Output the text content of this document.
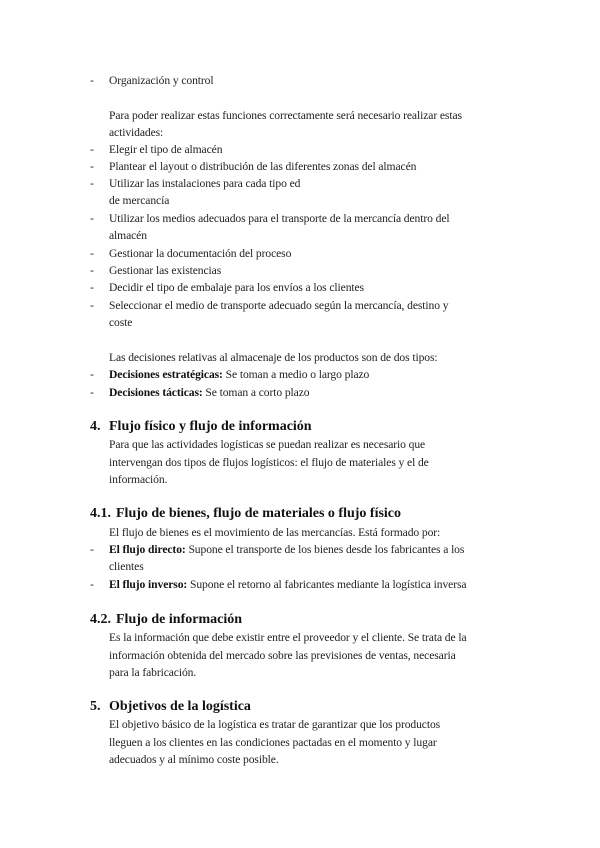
- Organización y control
Para poder realizar estas funciones correctamente será necesario realizar estas
actividades:
- Elegir el tipo de almacén
- Plantear el layout o distribución de las diferentes zonas del almacén
- Utilizar las instalaciones para cada tipo ed
de mercancía
- Utilizar los medios adecuados para el transporte de la mercancía dentro del
almacén
- Gestionar la documentación del proceso
- Gestionar las existencias
- Decidir el tipo de embalaje para los envíos a los clientes
- Seleccionar el medio de transporte adecuado según la mercancía, destino y
coste
Las decisiones relativas al almacenaje de los productos son de dos tipos:
- Decisiones estratégicas: Se toman a medio o largo plazo
- Decisiones tácticas: Se toman a corto plazo
4. Flujo físico y flujo de información
Para que las actividades logísticas se puedan realizar es necesario que
intervengan dos tipos de flujos logísticos: el flujo de materiales y el de
información.
4.1. Flujo de bienes, flujo de materiales o flujo físico
El flujo de bienes es el movimiento de las mercancías. Está formado por:
- El flujo directo: Supone el transporte de los bienes desde los fabricantes a los
clientes
- El flujo inverso: Supone el retorno al fabricantes mediante la logística inversa
4.2. Flujo de información
Es la información que debe existir entre el proveedor y el cliente. Se trata de la
información obtenida del mercado sobre las previsiones de ventas, necesaria
para la fabricación.
5. Objetivos de la logística
El objetivo básico de la logística es tratar de garantizar que los productos
lleguen a los clientes en las condiciones pactadas en el momento y lugar
adecuados y al mínimo coste posible.
